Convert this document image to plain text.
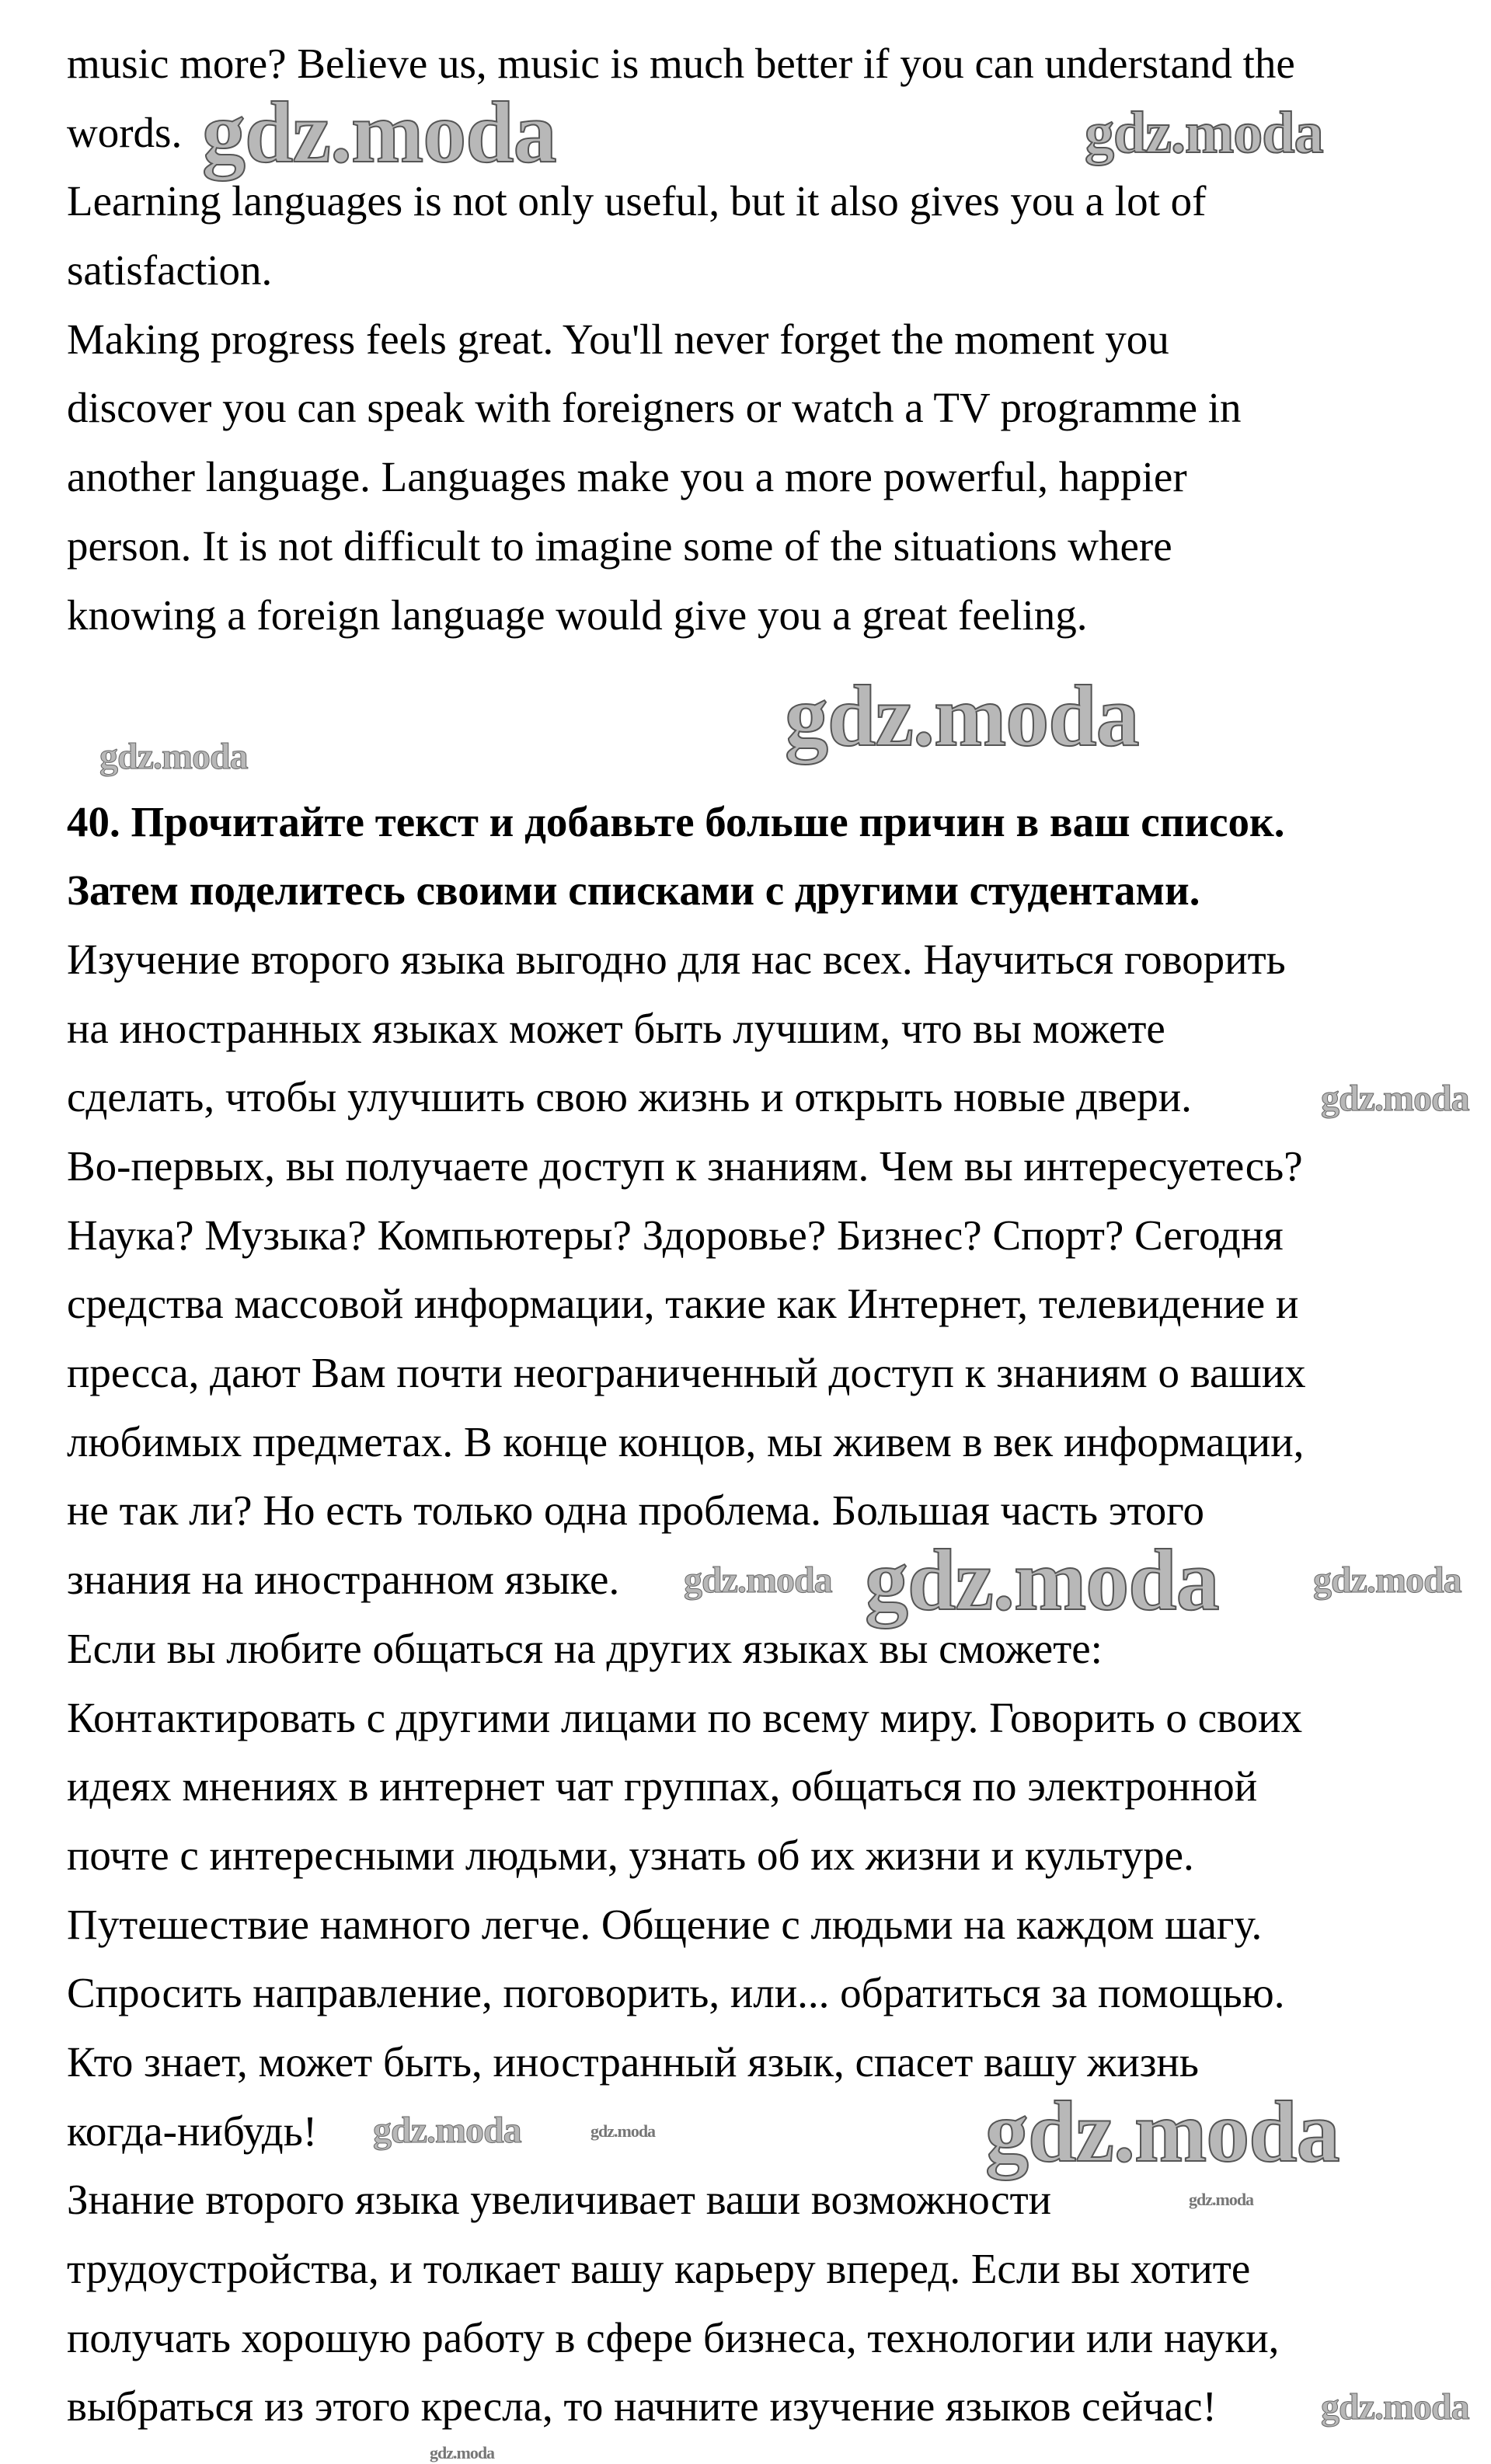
music more? Believe us, music is much better if you can understand the
words.
Learning languages is not only useful, but it also gives you a lot of
satisfaction.
Making progress feels great. You'll never forget the moment you
discover you can speak with foreigners or watch a TV programme in
another language. Languages make you a more powerful, happier
person. It is not difficult to imagine some of the situations where
knowing a foreign language would give you a great feeling.
40. Прочитайте текст и добавьте больше причин в ваш список.
Затем поделитесь своими списками с другими студентами.
Изучение второго языка выгодно для нас всех. Научиться говорить
на иностранных языках может быть лучшим, что вы можете
сделать, чтобы улучшить свою жизнь и открыть новые двери.
Во-первых, вы получаете доступ к знаниям. Чем вы интересуетесь?
Наука? Музыка? Компьютеры? Здоровье? Бизнес? Спорт? Сегодня
средства массовой информации, такие как Интернет, телевидение и
пресса, дают Вам почти неограниченный доступ к знаниям о ваших
любимых предметах. В конце концов, мы живем в век информации,
не так ли? Но есть только одна проблема. Большая часть этого
знания на иностранном языке.
Если вы любите общаться на других языках вы сможете:
Контактировать с другими лицами по всему миру. Говорить о своих
идеях мнениях в интернет чат группах, общаться по электронной
почте с интересными людьми, узнать об их жизни и культуре.
Путешествие намного легче. Общение с людьми на каждом шагу.
Спросить направление, поговорить, или... обратиться за помощью.
Кто знает, может быть, иностранный язык, спасет вашу жизнь
когда-нибудь!
Знание второго языка увеличивает ваши возможности
трудоустройства, и толкает вашу карьеру вперед. Если вы хотите
получать хорошую работу в сфере бизнеса, технологии или науки,
выбраться из этого кресла, то начните изучение языков сейчас!
gdz.moda	gdz.moda
gdz.moda	gdz.moda
gdz.moda
gdz.moda gdz.moda	gdz.moda
gdz.moda	gdz.moda	gdz.moda
gdz.moda
gdz.moda
gdz.moda
